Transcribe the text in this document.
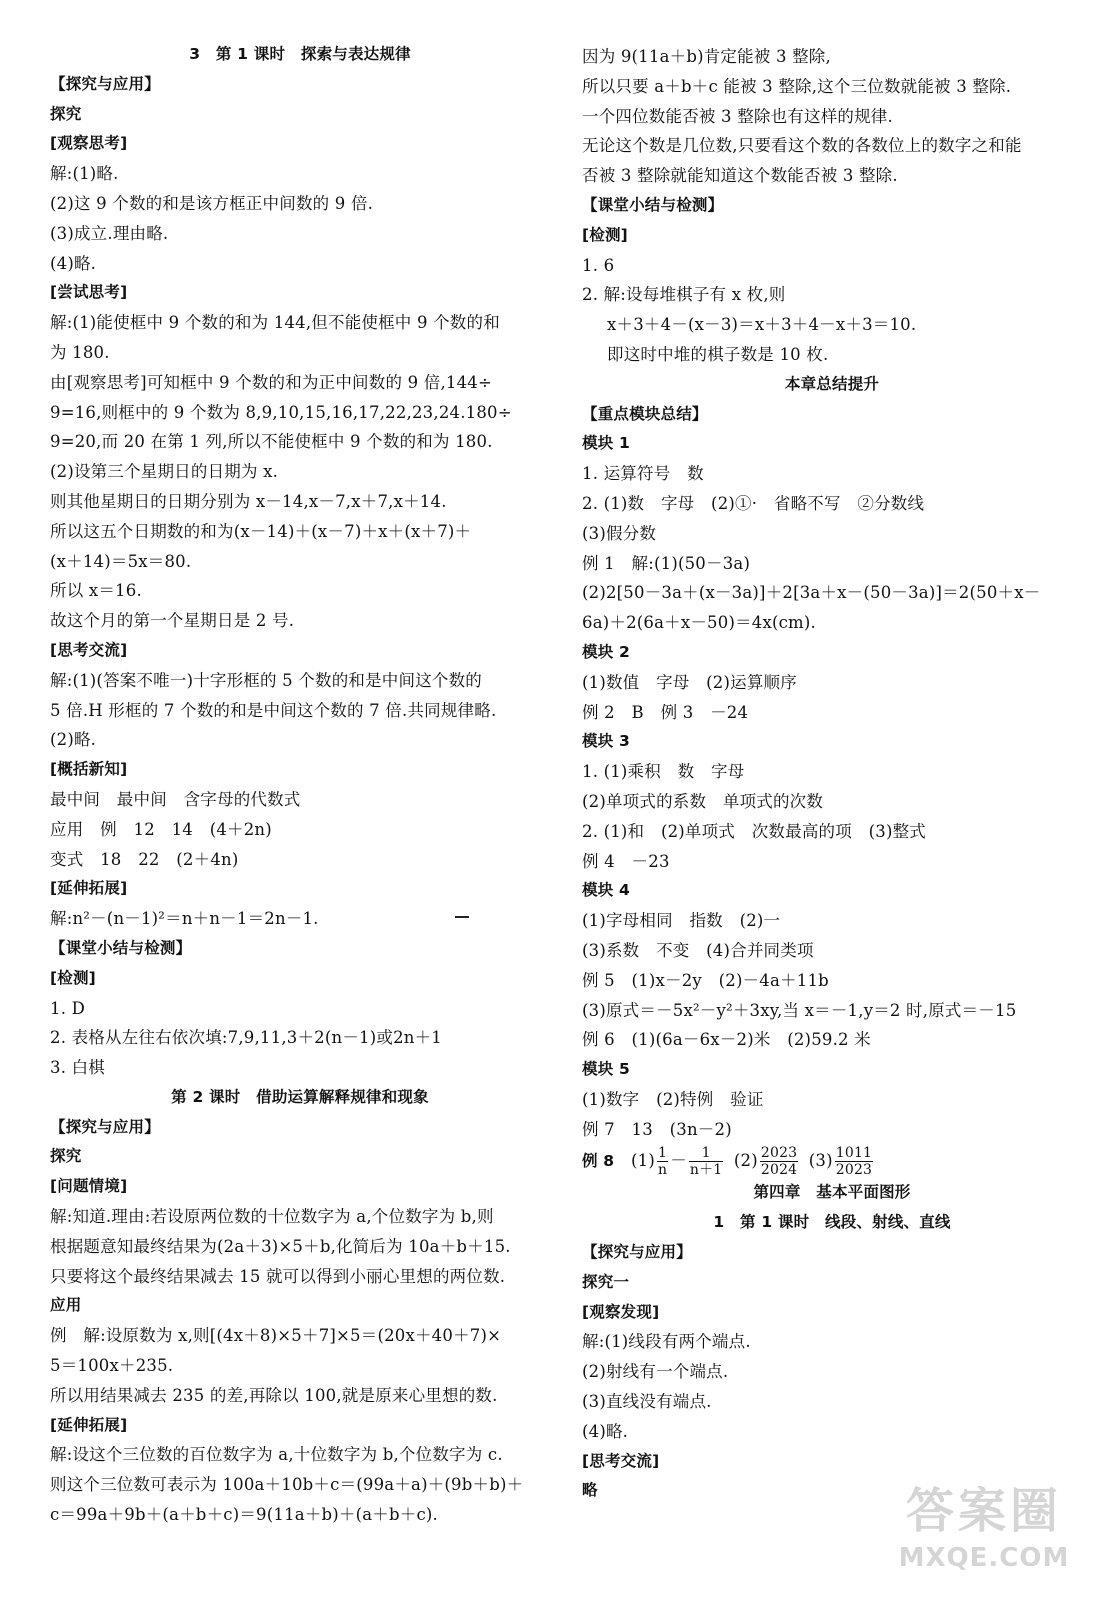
3　第 1 课时　探索与表达规律
【探究与应用】
探究
[观察思考]
解:(1)略.
(2)这 9 个数的和是该方框正中间数的 9 倍.
(3)成立.理由略.
(4)略.
[尝试思考]
解:(1)能使框中 9 个数的和为 144,但不能使框中 9 个数的和
为 180.
由[观察思考]可知框中 9 个数的和为正中间数的 9 倍,144÷
9=16,则框中的 9 个数为 8,9,10,15,16,17,22,23,24.180÷
9=20,而 20 在第 1 列,所以不能使框中 9 个数的和为 180.
(2)设第三个星期日的日期为 x.
则其他星期日的日期分别为 x－14,x－7,x＋7,x＋14.
所以这五个日期数的和为(x－14)＋(x－7)＋x＋(x＋7)＋
(x＋14)＝5x＝80.
所以 x＝16.
故这个月的第一个星期日是 2 号.
[思考交流]
解:(1)(答案不唯一)十字形框的 5 个数的和是中间这个数的
5 倍.H 形框的 7 个数的和是中间这个数的 7 倍.共同规律略.
(2)略.
[概括新知]
最中间　最中间　含字母的代数式
应用　例　12　14　(4＋2n)
变式　18　22　(2＋4n)
[延伸拓展]
解:n²－(n－1)²＝n＋n－1＝2n－1.
【课堂小结与检测】
[检测]
1. D
2. 表格从左往右依次填:7,9,11,3＋2(n－1)或2n＋1
3. 白棋
第 2 课时　借助运算解释规律和现象
【探究与应用】
探究
[问题情境]
解:知道.理由:若设原两位数的十位数字为 a,个位数字为 b,则
根据题意知最终结果为(2a＋3)×5＋b,化简后为 10a＋b＋15.
只要将这个最终结果减去 15 就可以得到小丽心里想的两位数.
应用
例　解:设原数为 x,则[(4x＋8)×5＋7]×5＝(20x＋40＋7)×
5＝100x＋235.
所以用结果减去 235 的差,再除以 100,就是原来心里想的数.
[延伸拓展]
解:设这个三位数的百位数字为 a,十位数字为 b,个位数字为 c.
则这个三位数可表示为 100a＋10b＋c＝(99a＋a)＋(9b＋b)＋
c＝99a＋9b＋(a＋b＋c)＝9(11a＋b)＋(a＋b＋c).
因为 9(11a＋b)肯定能被 3 整除,
所以只要 a＋b＋c 能被 3 整除,这个三位数就能被 3 整除.
一个四位数能否被 3 整除也有这样的规律.
无论这个数是几位数,只要看这个数的各数位上的数字之和能
否被 3 整除就能知道这个数能否被 3 整除.
【课堂小结与检测】
[检测]
1. 6
2. 解:设每堆棋子有 x 枚,则
x＋3＋4－(x－3)＝x＋3＋4－x＋3＝10.
即这时中堆的棋子数是 10 枚.
本章总结提升
【重点模块总结】
模块 1
1. 运算符号　数
2. (1)数　字母　(2)①·　省略不写　②分数线
(3)假分数
例 1　解:(1)(50－3a)
(2)2[50－3a＋(x－3a)]＋2[3a＋x－(50－3a)]＝2(50＋x－
6a)＋2(6a＋x－50)＝4x(cm).
模块 2
(1)数值　字母　(2)运算顺序
例 2　B　例 3　－24
模块 3
1. (1)乘积　数　字母
(2)单项式的系数　单项式的次数
2. (1)和　(2)单项式　次数最高的项　(3)整式
例 4　－23
模块 4
(1)字母相同　指数　(2)一
(3)系数　不变　(4)合并同类项
例 5　(1)x－2y　(2)－4a＋11b
(3)原式＝－5x²－y²＋3xy,当 x＝－1,y＝2 时,原式＝－15
例 6　(1)(6a－6x－2)米　(2)59.2 米
模块 5
(1)数字　(2)特例　验证
例 7　13　(3n－2)
例 8　 $(1) \frac{1}{n} - \frac{1}{n+1}$
  $(2) \frac{2023}{2024}$
  $(3) \frac{1011}{2023}$
第四章　基本平面图形
1　第 1 课时　线段、射线、直线
【探究与应用】
探究一
[观察发现]
解:(1)线段有两个端点.
(2)射线有一个端点.
(3)直线没有端点.
(4)略.
[思考交流]
略	答案圈
MXQE.COM
